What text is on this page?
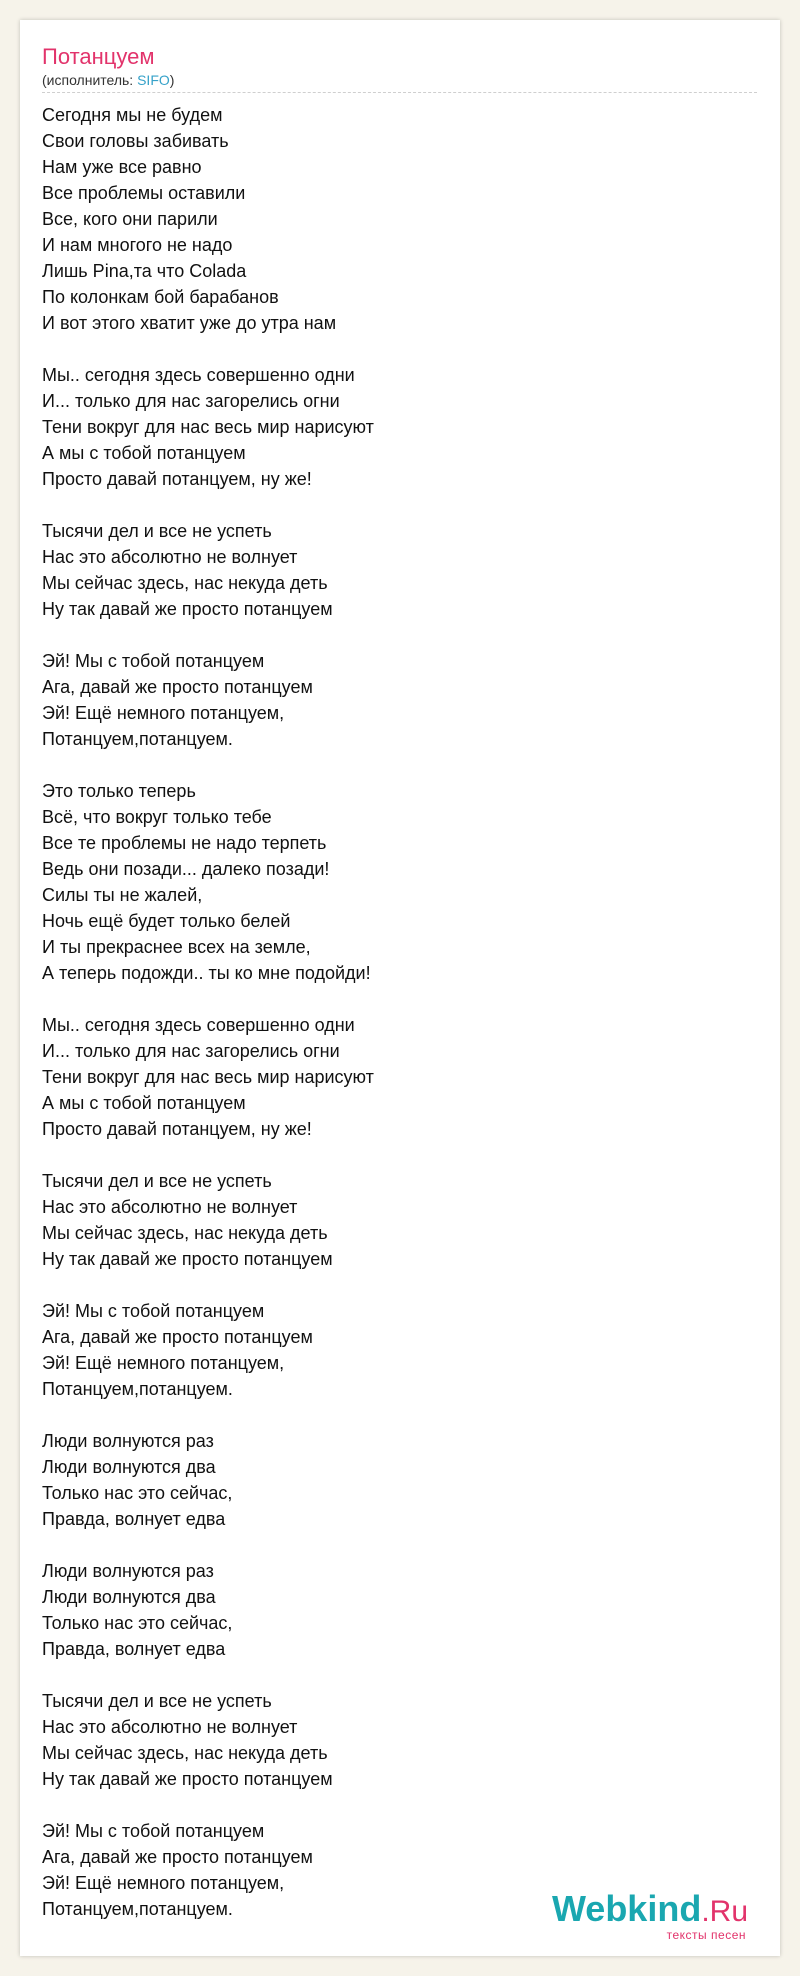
Потанцуем
(исполнитель: SIFO)
Сегодня мы не будем
Свои головы забивать
Нам уже все равно
Все проблемы оставили
Все, кого они парили
И нам многого не надо
Лишь Pina,та что Colada
По колонкам бой барабанов
И вот этого хватит уже до утра нам
Мы.. сегодня здесь совершенно одни
И... только для нас загорелись огни
Тени вокруг для нас весь мир нарисуют
А мы с тобой потанцуем
Просто давай потанцуем, ну же!
Тысячи дел и все не успеть
Нас это абсолютно не волнует
Мы сейчас здесь, нас некуда деть
Ну так давай же просто потанцуем
Эй! Мы с тобой потанцуем
Ага, давай же просто потанцуем
Эй! Ещё немного потанцуем,
Потанцуем,потанцуем.
Это только теперь
Всё, что вокруг только тебе
Все те проблемы не надо терпеть
Ведь они позади... далеко позади!
Силы ты не жалей,
Ночь ещё будет только белей
И ты прекраснее всех на земле,
А теперь подожди.. ты ко мне подойди!
Мы.. сегодня здесь совершенно одни
И... только для нас загорелись огни
Тени вокруг для нас весь мир нарисуют
А мы с тобой потанцуем
Просто давай потанцуем, ну же!
Тысячи дел и все не успеть
Нас это абсолютно не волнует
Мы сейчас здесь, нас некуда деть
Ну так давай же просто потанцуем
Эй! Мы с тобой потанцуем
Ага, давай же просто потанцуем
Эй! Ещё немного потанцуем,
Потанцуем,потанцуем.
Люди волнуются раз
Люди волнуются два
Только нас это сейчас,
Правда, волнует едва
Люди волнуются раз
Люди волнуются два
Только нас это сейчас,
Правда, волнует едва
Тысячи дел и все не успеть
Нас это абсолютно не волнует
Мы сейчас здесь, нас некуда деть
Ну так давай же просто потанцуем
Эй! Мы с тобой потанцуем
Ага, давай же просто потанцуем
Эй! Ещё немного потанцуем,
Потанцуем,потанцуем.	Webkind.Ru
тексты песен
